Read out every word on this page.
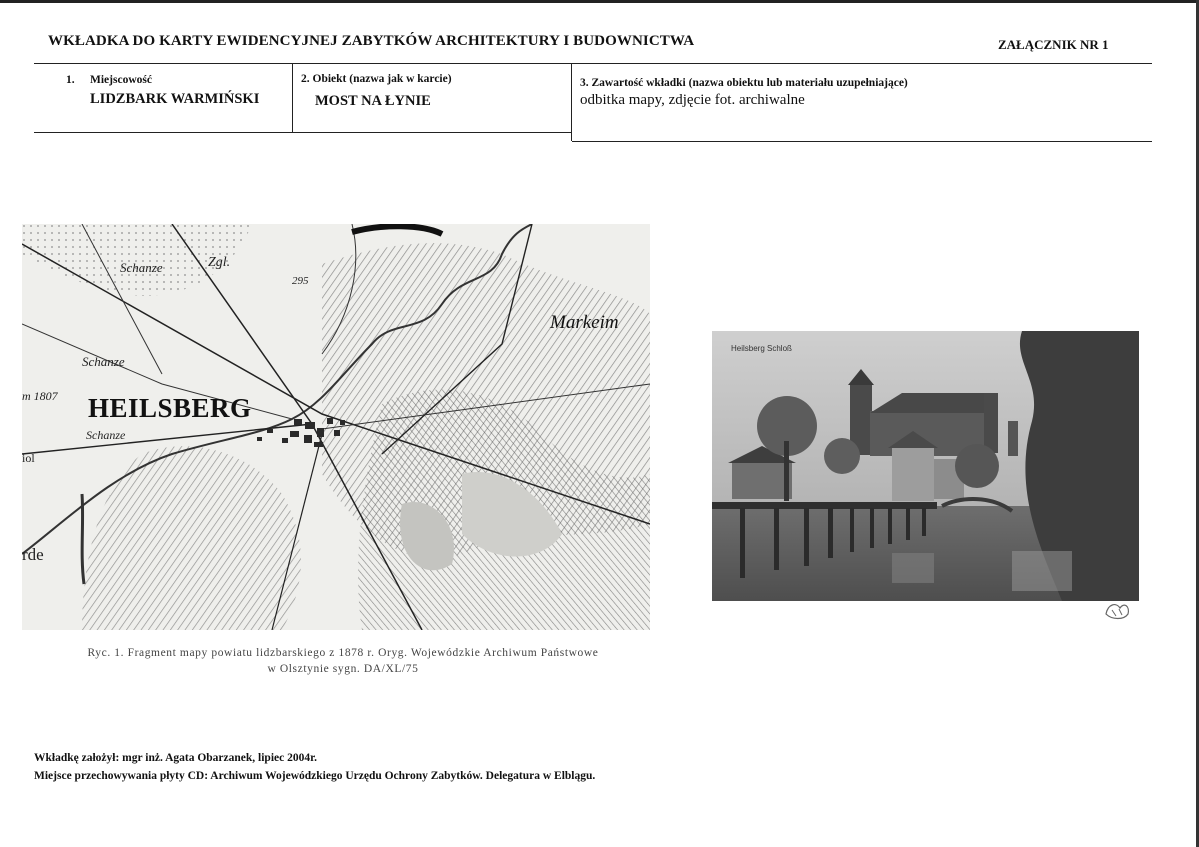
WKŁADKA DO KARTY EWIDENCYJNEJ ZABYTKÓW ARCHITEKTURY I BUDOWNICTWA	ZAŁĄCZNIK NR 1
1. Miejscowość
LIDZBARK WARMIŃSKI
2. Obiekt (nazwa jak w karcie)
MOST NA ŁYNIE
3. Zawartość wkładki (nazwa obiektu lub materiału uzupełniające)
odbitka mapy, zdjęcie fot. archiwalne
HEILSBERG
Markeim
Schanze
Schanze
Schanze
Zgl.
295
m 1807
rde
iol
Ryc. 1. Fragment mapy powiatu lidzbarskiego z 1878 r. Oryg. Wojewódzkie Archiwum Państwowe
w Olsztynie sygn. DA/XL/75
Heilsberg Schloß
Wkładkę założył: mgr inż. Agata Obarzanek, lipiec 2004r.
Miejsce przechowywania płyty CD: Archiwum Wojewódzkiego Urzędu Ochrony Zabytków. Delegatura w Elblągu.
